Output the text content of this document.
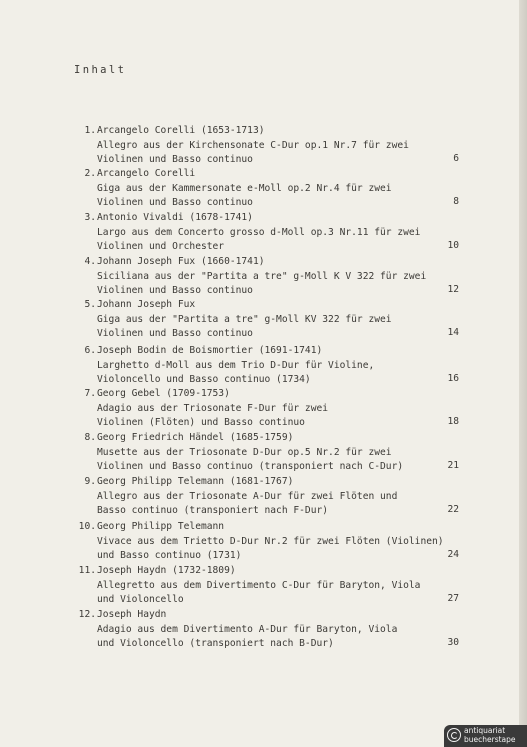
Inhalt
1. Arcangelo Corelli (1653-1713)
Allegro aus der Kirchensonate C-Dur op.1 Nr.7 für zwei
Violinen und Basso continuo	6
2. Arcangelo Corelli
Giga aus der Kammersonate e-Moll op.2 Nr.4 für zwei
Violinen und Basso continuo	8
3. Antonio Vivaldi (1678-1741)
Largo aus dem Concerto grosso d-Moll op.3 Nr.11 für zwei
Violinen und Orchester	10
4. Johann Joseph Fux (1660-1741)
Siciliana aus der "Partita a tre" g-Moll K V 322 für zwei
Violinen und Basso continuo	12
5. Johann Joseph Fux
Giga aus der "Partita a tre" g-Moll KV 322 für zwei
Violinen und Basso continuo	14
6. Joseph Bodin de Boismortier (1691-1741)
Larghetto d-Moll aus dem Trio D-Dur für Violine,
Violoncello und Basso continuo (1734)	16
7. Georg Gebel (1709-1753)
Adagio aus der Triosonate F-Dur für zwei
Violinen (Flöten) und Basso continuo	18
8. Georg Friedrich Händel (1685-1759)
Musette aus der Triosonate D-Dur op.5 Nr.2 für zwei
Violinen und Basso continuo (transponiert nach C-Dur)	21
9. Georg Philipp Telemann (1681-1767)
Allegro aus der Triosonate A-Dur für zwei Flöten und
Basso continuo (transponiert nach F-Dur)	22
10. Georg Philipp Telemann
Vivace aus dem Trietto D-Dur Nr.2 für zwei Flöten (Violinen)
und Basso continuo (1731)	24
11. Joseph Haydn (1732-1809)
Allegretto aus dem Divertimento C-Dur für Baryton, Viola
und Violoncello	27
12. Joseph Haydn
Adagio aus dem Divertimento A-Dur für Baryton, Viola
und Violoncello (transponiert nach B-Dur)	30
antiquariat
buecherstape
